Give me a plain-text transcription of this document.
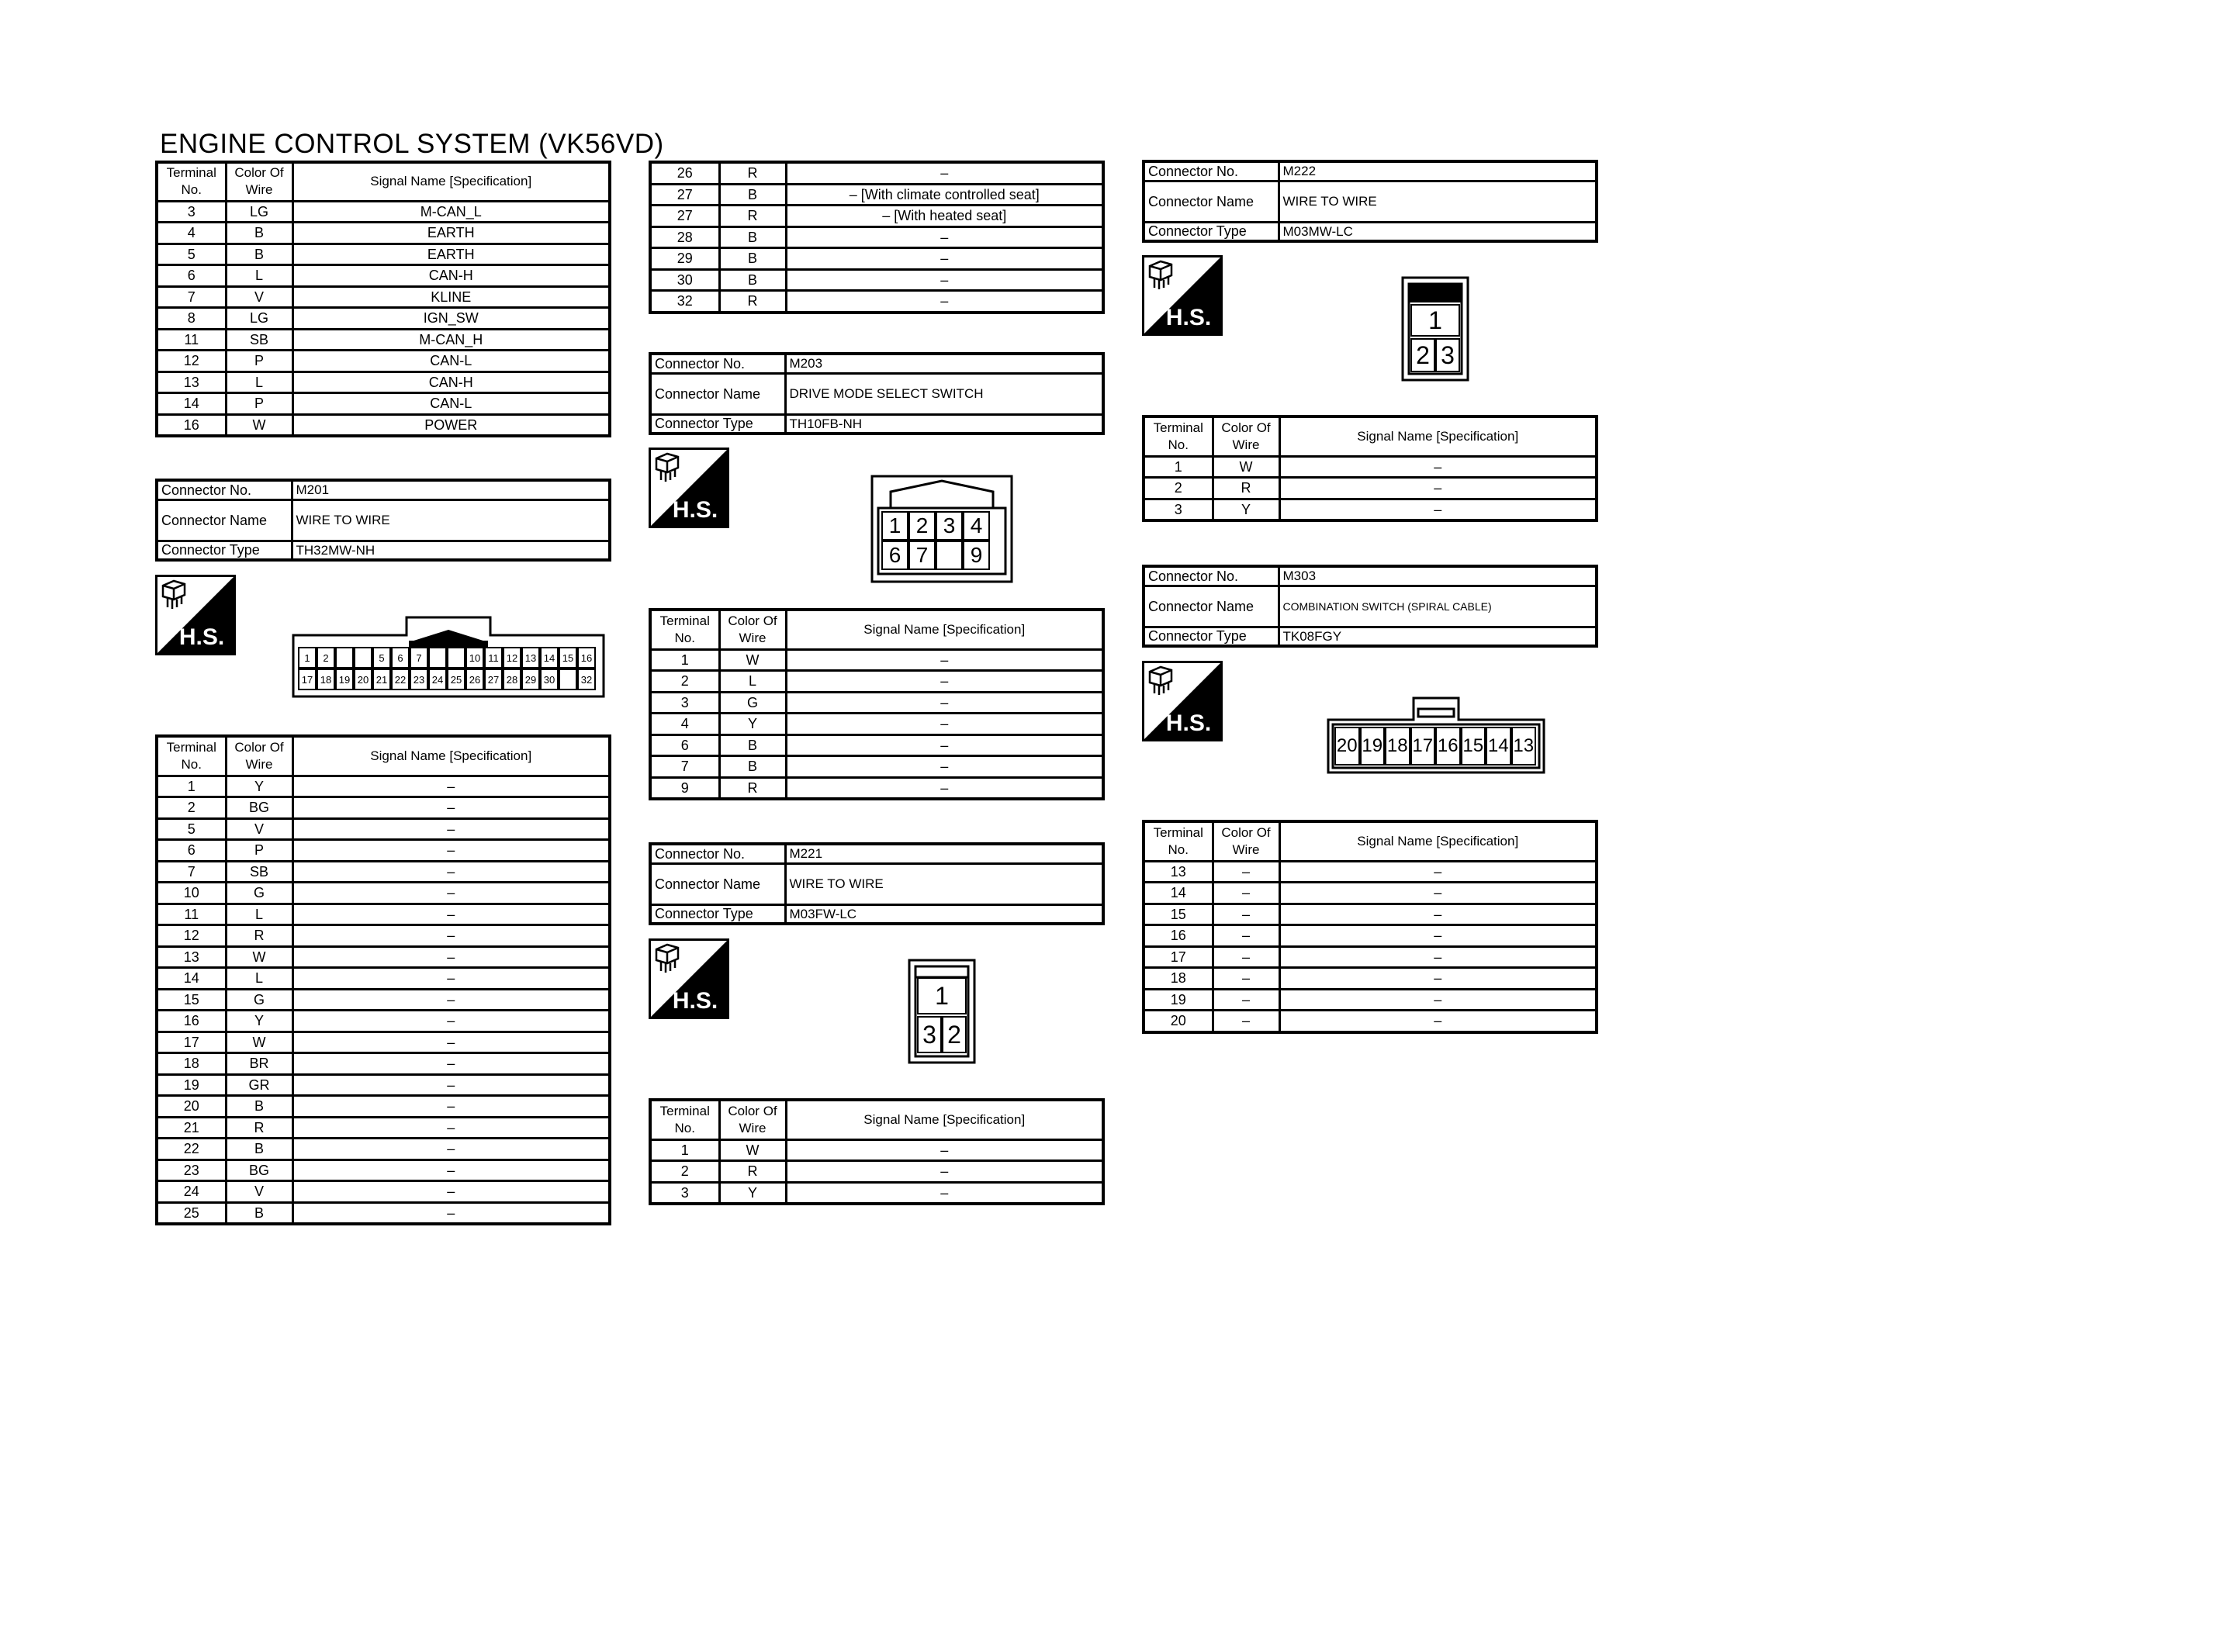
ENGINE CONTROL SYSTEM (VK56VD)
Terminal
No.	Color Of
Wire	Signal Name [Specification]
3	LG	M-CAN_L
4	B	EARTH
5	B	EARTH
6	L	CAN-H
7	V	KLINE
8	LG	IGN_SW
11	SB	M-CAN_H
12	P	CAN-L
13	L	CAN-H
14	P	CAN-L
16	W	POWER
Connector No.	M201
Connector Name	WIRE TO WIRE
Connector Type	TH32MW-NH
H.S.
1	2	5	6	7	10 11 12 13 14 15 16
17 18 19 20 21 22 23 24 25 26 27 28 29 30	32
Terminal
No.	Color Of
Wire	Signal Name [Specification]
1	Y	–
2	BG	–
5	V	–
6	P	–
7	SB	–
10	G	–
11	L	–
12	R	–
13	W	–
14	L	–
15	G	–
16	Y	–
17	W	–
18	BR	–
19	GR	–
20	B	–
21	R	–
22	B	–
23	BG	–
24	V	–
25	B	–
26	R	–
27	B	– [With climate controlled seat]
27	R	– [With heated seat]
28	B	–
29	B	–
30	B	–
32	R	–
Connector No.	M203
Connector Name	DRIVE MODE SELECT SWITCH
Connector Type	TH10FB-NH
H.S.
1 2 3 4
6 7	9
Terminal
No.	Color Of
Wire	Signal Name [Specification]
1	W	–
2	L	–
3	G	–
4	Y	–
6	B	–
7	B	–
9	R	–
Connector No.	M221
Connector Name	WIRE TO WIRE
Connector Type	M03FW-LC
H.S.	1
3 2
Terminal
No.	Color Of
Wire	Signal Name [Specification]
1	W	–
2	R	–
3	Y	–
Connector No.	M222
Connector Name	WIRE TO WIRE
Connector Type	M03MW-LC
H.S.	1
2 3
Terminal
No.	Color Of
Wire	Signal Name [Specification]
1	W	–
2	R	–
3	Y	–
Connector No.	M303
Connector Name	COMBINATION SWITCH (SPIRAL CABLE)
Connector Type	TK08FGY
H.S.
20 19 18 17 16 15 14 13
Terminal
No.	Color Of
Wire	Signal Name [Specification]
13	–	–
14	–	–
15	–	–
16	–	–
17	–	–
18	–	–
19	–	–
20	–	–
